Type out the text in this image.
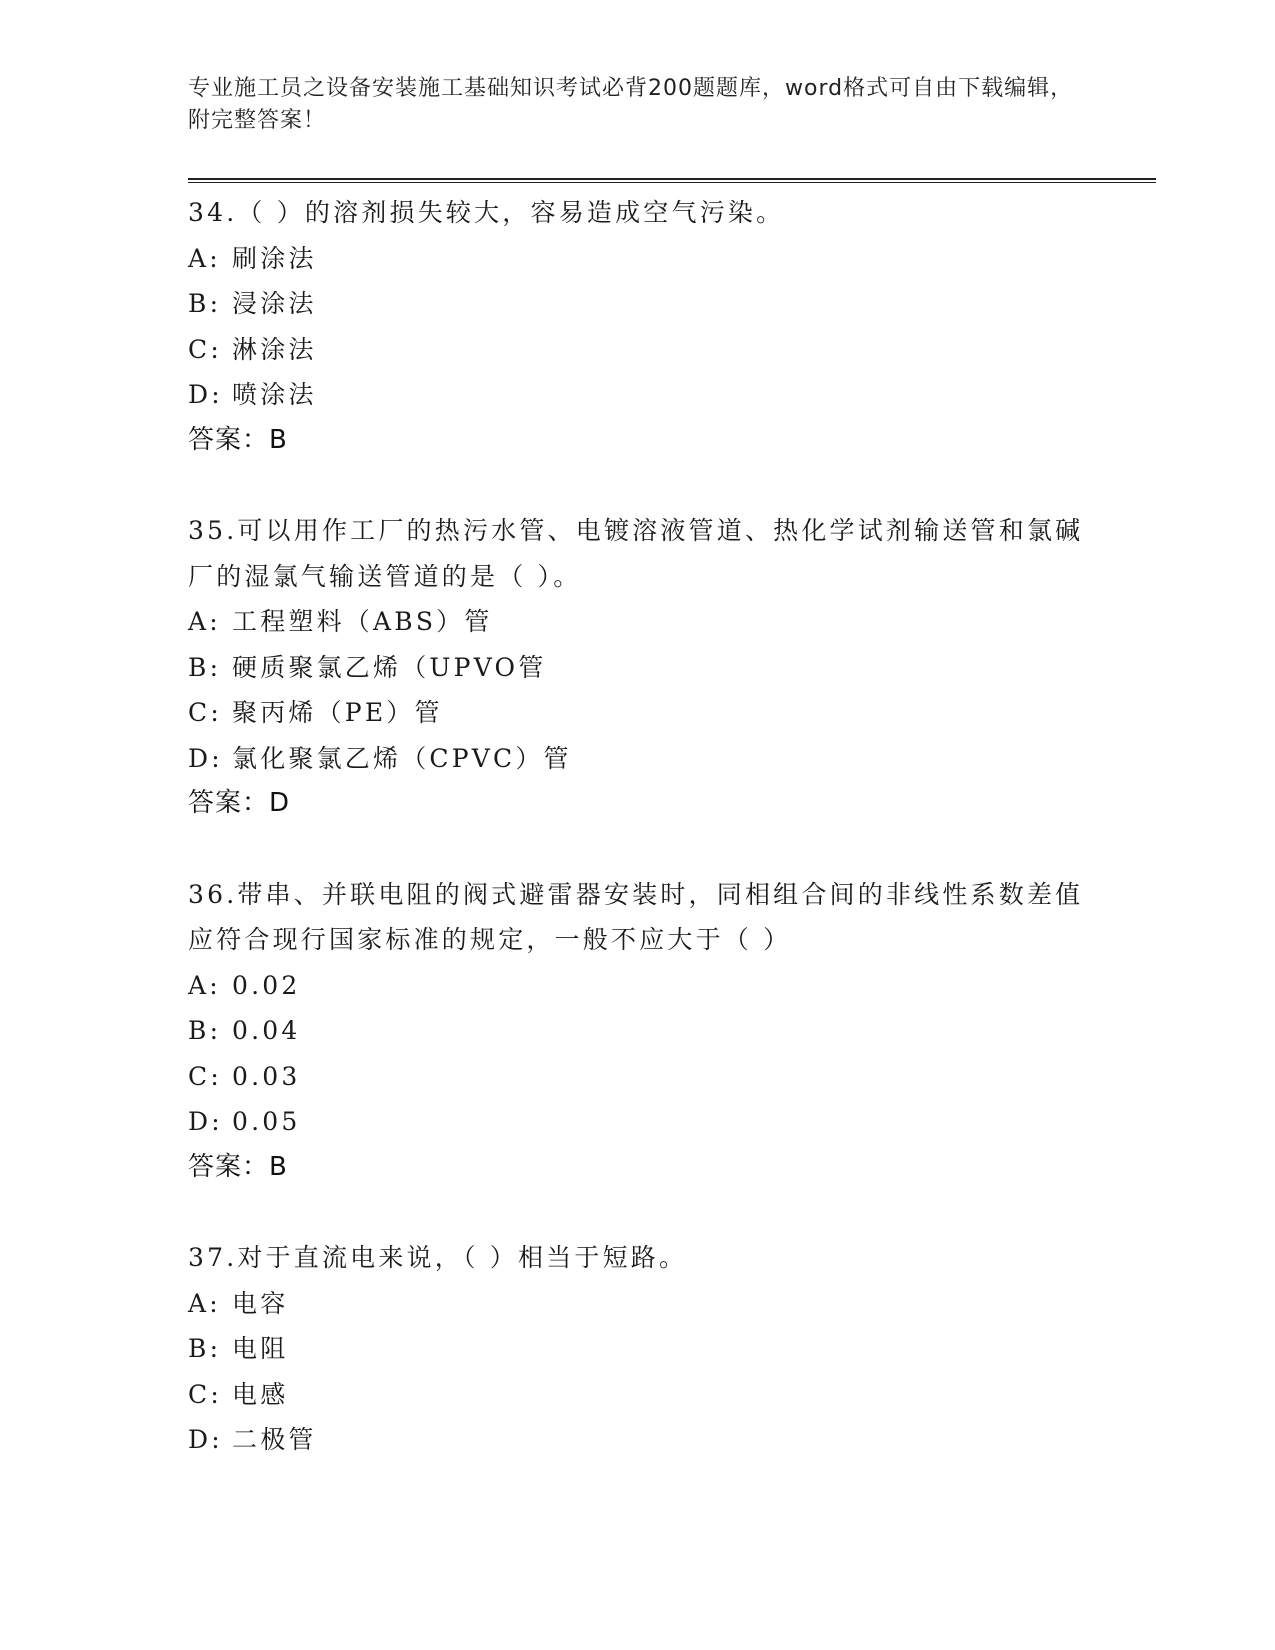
专业施工员之设备安装施工基础知识考试必背200题题库，word格式可自由下载编辑，附完整答案！

34.（ ）的溶剂损失较大，容易造成空气污染。

A: 刷涂法

B: 浸涂法

C: 淋涂法

D: 喷涂法

答案：B

35.可以用作工厂的热污水管、电镀溶液管道、热化学试剂输送管和氯碱厂的湿氯气输送管道的是（ ）。

A: 工程塑料（ABS）管

B: 硬质聚氯乙烯（UPVO管

C: 聚丙烯（PE）管

D: 氯化聚氯乙烯（CPVC）管

答案：D

36.带串、并联电阻的阀式避雷器安装时，同相组合间的非线性系数差值应符合现行国家标准的规定，一般不应大于（ ）

A: 0.02

B: 0.04

C: 0.03

D: 0.05

答案：B

37.对于直流电来说，（ ）相当于短路。

A: 电容

B: 电阻

C: 电感

D: 二极管
